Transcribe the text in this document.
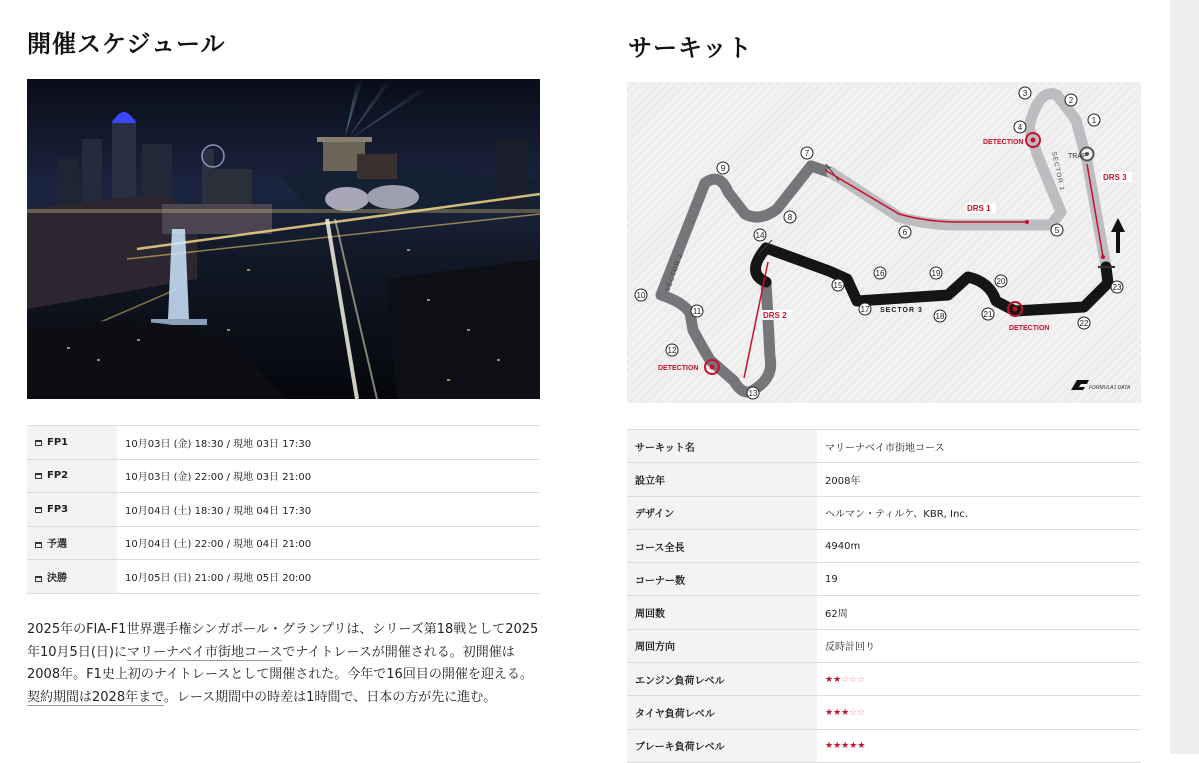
開催スケジュール
FP1	10月03日 (金) 18:30 / 現地 03日 17:30
FP2	10月03日 (金) 22:00 / 現地 03日 21:00
FP3	10月04日 (土) 18:30 / 現地 04日 17:30
予選	10月04日 (土) 22:00 / 現地 04日 21:00
決勝	10月05日 (日) 21:00 / 現地 05日 20:00

2025年のFIA-F1世界選手権シンガポール・グランプリは、シリーズ第18戦として2025年10月5日(日)にマリーナベイ市街地コースでナイトレースが開催される。初開催は2008年。F1史上初のナイトレースとして開催された。今年で16回目の開催を迎える。契約期間は2028年まで。レース期間中の時差は1時間で、日本の方が先に進む。

サーキット
DETECTION
DETECTION
DETECTION
TRAP
DRS 1
DRS 2
DRS 3
SECTOR 1
SECTOR 2
SECTOR 3
1
2
3
4
5
6
7
8
9
10
11
12
13
14
15
16
17
18
19
20
21
22
23
FORMULA1 DATA
サーキット名	マリーナベイ市街地コース
設立年	2008年
デザイン	ヘルマン・ティルケ、KBR, Inc.
コース全長	4940m
コーナー数	19
周回数	62周
周回方向	反時計回り
エンジン負荷レベル	★★☆☆☆
タイヤ負荷レベル	★★★☆☆
ブレーキ負荷レベル	★★★★★
